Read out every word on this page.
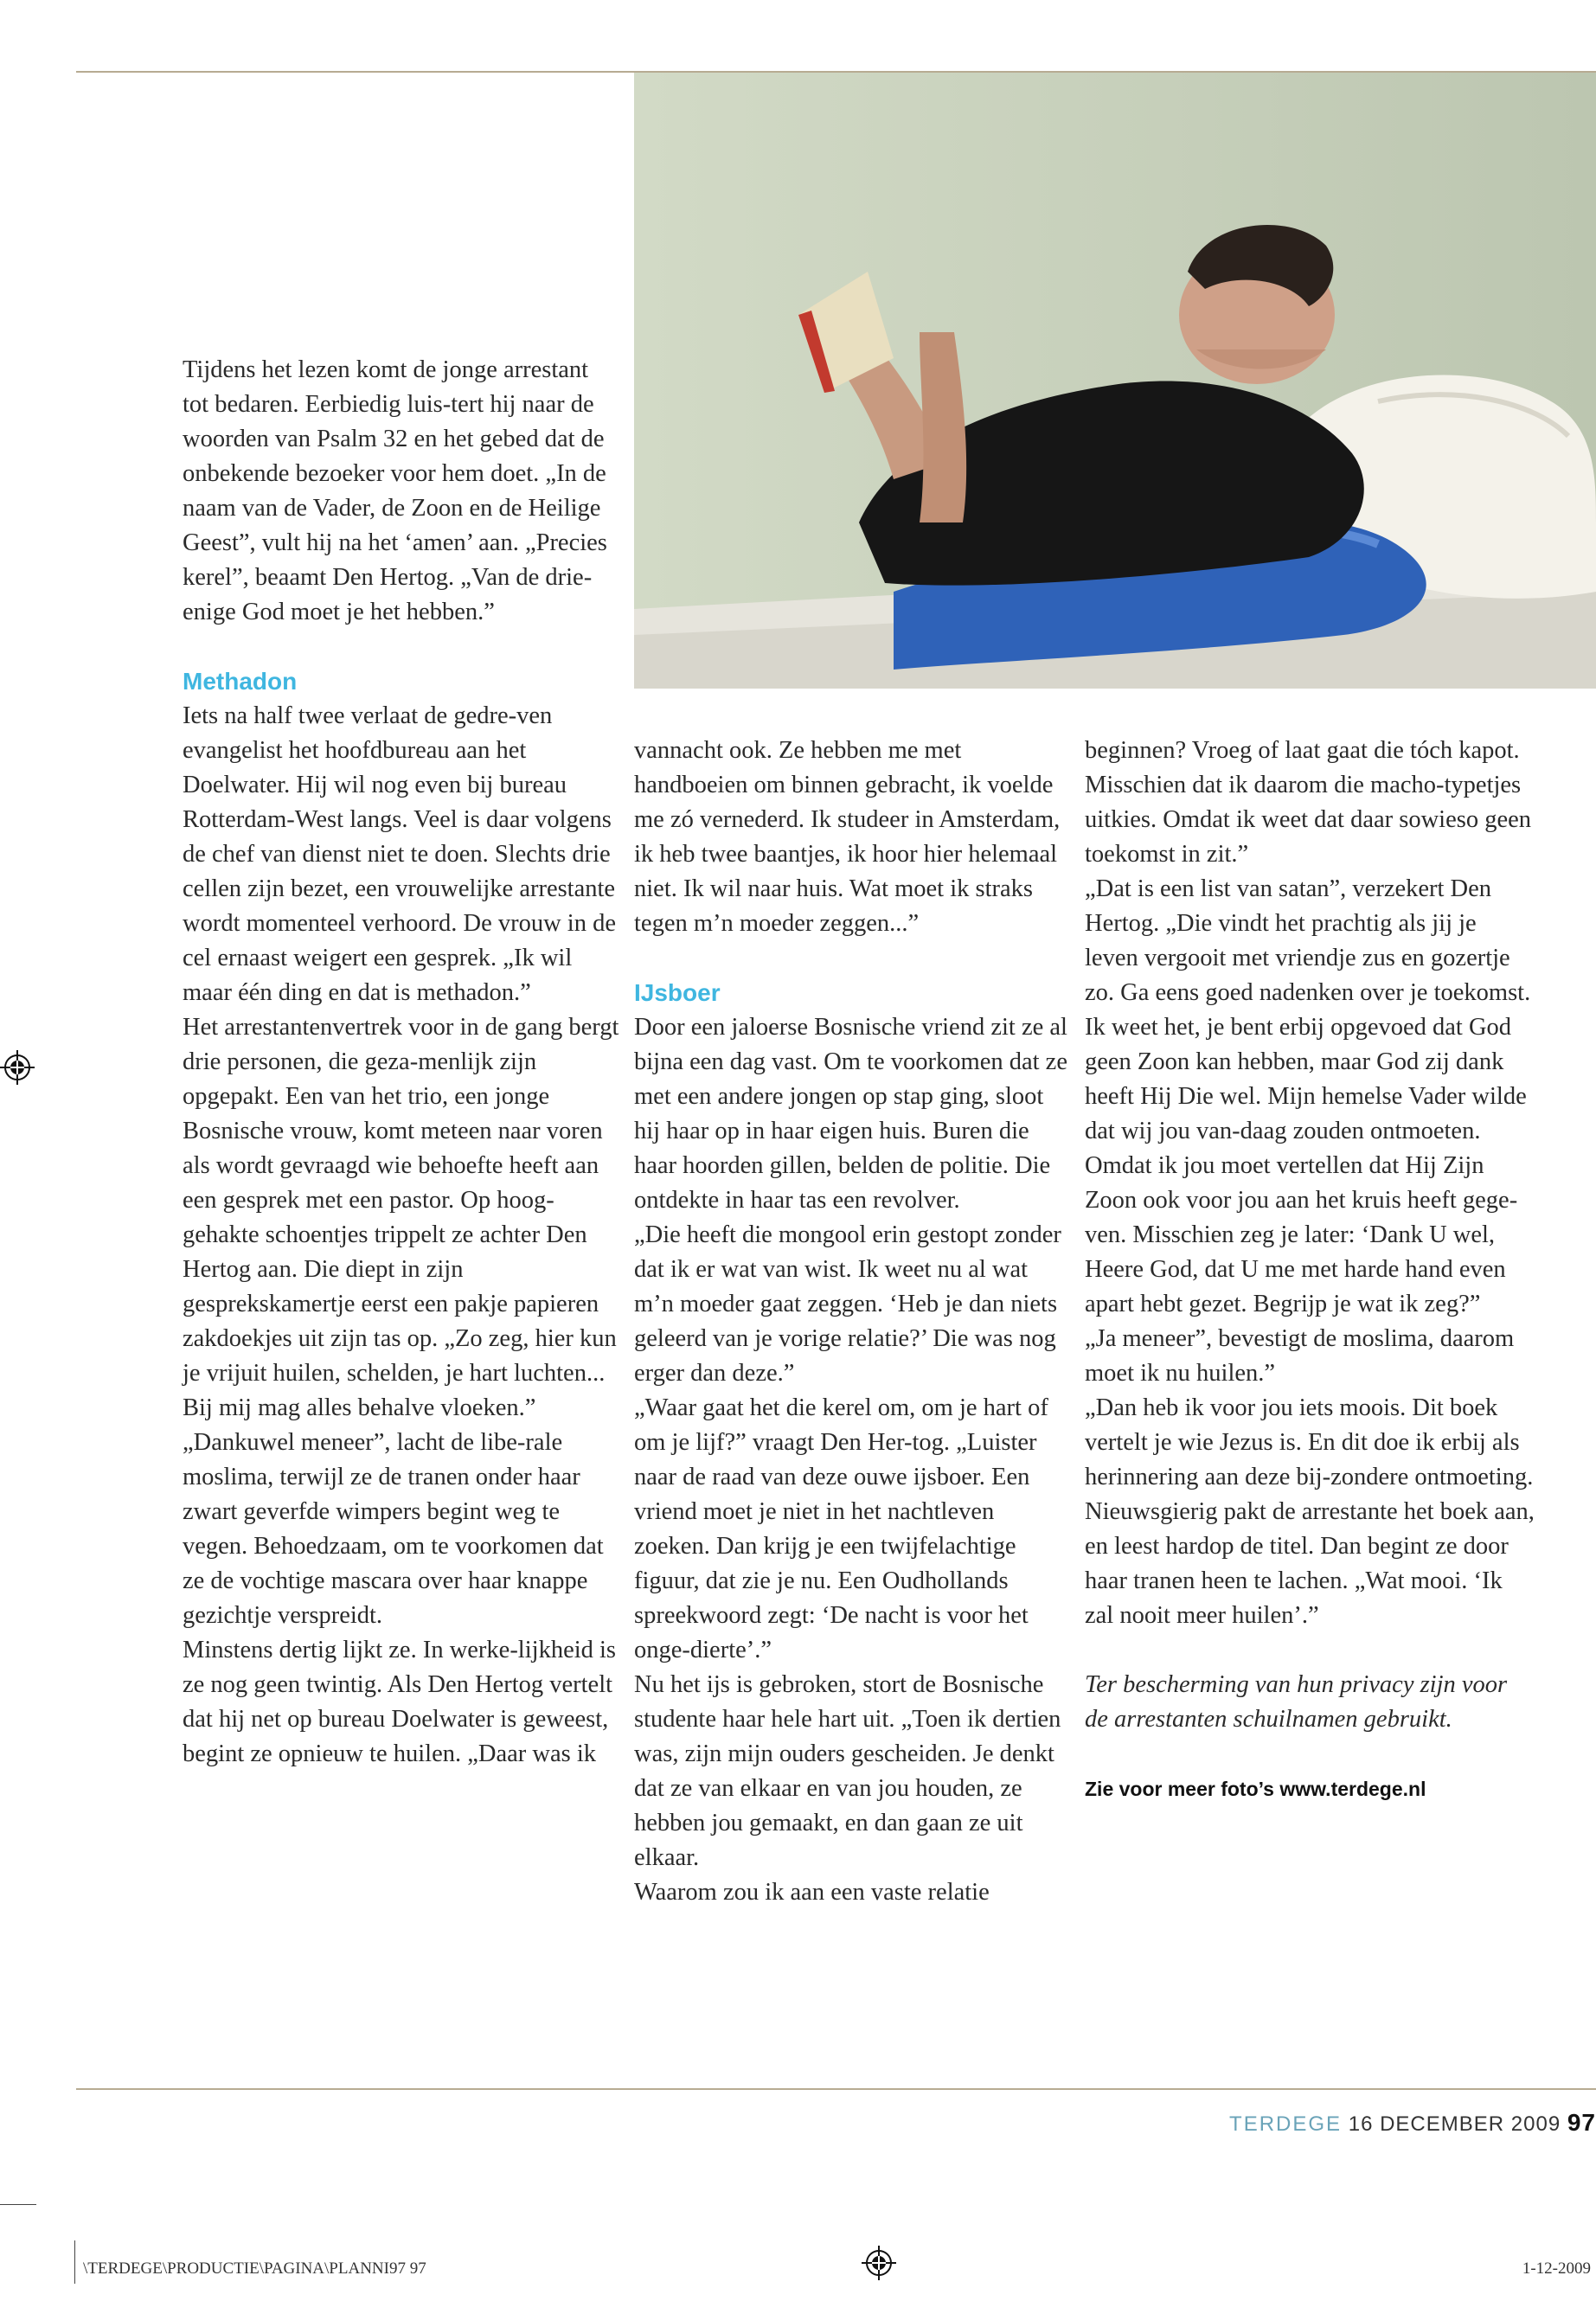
Tijdens het lezen komt de jonge arrestant tot bedaren. Eerbiedig luis-tert hij naar de woorden van Psalm 32 en het gebed dat de onbekende bezoeker voor hem doet. „In de naam van de Vader, de Zoon en de Heilige Geest”, vult hij na het ‘amen’ aan. „Precies kerel”, beaamt Den Hertog. „Van de drie-enige God moet je het hebben.”

Methadon

Iets na half twee verlaat de gedre-ven evangelist het hoofdbureau aan het Doelwater. Hij wil nog even bij bureau Rotterdam-West langs. Veel is daar volgens de chef van dienst niet te doen. Slechts drie cellen zijn bezet, een vrouwelijke arrestante wordt momenteel verhoord. De vrouw in de cel ernaast weigert een gesprek. „Ik wil maar één ding en dat is methadon.”

Het arrestantenvertrek voor in de gang bergt drie personen, die geza-menlijk zijn opgepakt. Een van het trio, een jonge Bosnische vrouw, komt meteen naar voren als wordt gevraagd wie behoefte heeft aan een gesprek met een pastor. Op hoog-gehakte schoentjes trippelt ze achter Den Hertog aan. Die diept in zijn gesprekskamertje eerst een pakje papieren zakdoekjes uit zijn tas op. „Zo zeg, hier kun je vrijuit huilen, schelden, je hart luchten... Bij mij mag alles behalve vloeken.”

„Dankuwel meneer”, lacht de libe-rale moslima, terwijl ze de tranen onder haar zwart geverfde wimpers begint weg te vegen. Behoedzaam, om te voorkomen dat ze de vochtige mascara over haar knappe gezichtje verspreidt.

Minstens dertig lijkt ze. In werke-lijkheid is ze nog geen twintig. Als Den Hertog vertelt dat hij net op bureau Doelwater is geweest, begint ze opnieuw te huilen. „Daar was ik

vannacht ook. Ze hebben me met handboeien om binnen gebracht, ik voelde me zó vernederd. Ik studeer in Amsterdam, ik heb twee baantjes, ik hoor hier helemaal niet. Ik wil naar huis. Wat moet ik straks tegen m’n moeder zeggen...”

IJsboer

Door een jaloerse Bosnische vriend zit ze al bijna een dag vast. Om te voorkomen dat ze met een andere jongen op stap ging, sloot hij haar op in haar eigen huis. Buren die haar hoorden gillen, belden de politie. Die ontdekte in haar tas een revolver.

„Die heeft die mongool erin gestopt zonder dat ik er wat van wist. Ik weet nu al wat m’n moeder gaat zeggen. ‘Heb je dan niets geleerd van je vorige relatie?’ Die was nog erger dan deze.”

„Waar gaat het die kerel om, om je hart of om je lijf?” vraagt Den Her-tog. „Luister naar de raad van deze ouwe ijsboer. Een vriend moet je niet in het nachtleven zoeken. Dan krijg je een twijfelachtige figuur, dat zie je nu. Een Oudhollands spreekwoord zegt: ‘De nacht is voor het onge-dierte’.”

Nu het ijs is gebroken, stort de Bosnische studente haar hele hart uit. „Toen ik dertien was, zijn mijn ouders gescheiden. Je denkt dat ze van elkaar en van jou houden, ze hebben jou gemaakt, en dan gaan ze uit elkaar.

Waarom zou ik aan een vaste relatie

beginnen? Vroeg of laat gaat die tóch kapot. Misschien dat ik daarom die macho-typetjes uitkies. Omdat ik weet dat daar sowieso geen toekomst in zit.”

„Dat is een list van satan”, verzekert Den Hertog. „Die vindt het prachtig als jij je leven vergooit met vriendje zus en gozertje zo. Ga eens goed nadenken over je toekomst.

Ik weet het, je bent erbij opgevoed dat God geen Zoon kan hebben, maar God zij dank heeft Hij Die wel. Mijn hemelse Vader wilde dat wij jou van-daag zouden ontmoeten. Omdat ik jou moet vertellen dat Hij Zijn Zoon ook voor jou aan het kruis heeft gege-ven. Misschien zeg je later: ‘Dank U wel, Heere God, dat U me met harde hand even apart hebt gezet. Begrijp je wat ik zeg?”

„Ja meneer”, bevestigt de moslima, daarom moet ik nu huilen.”

„Dan heb ik voor jou iets moois. Dit boek vertelt je wie Jezus is. En dit doe ik erbij als herinnering aan deze bij-zondere ontmoeting.

Nieuwsgierig pakt de arrestante het boek aan, en leest hardop de titel. Dan begint ze door haar tranen heen te lachen. „Wat mooi. ‘Ik zal nooit meer huilen’.”

Ter bescherming van hun privacy zijn voor de arrestanten schuilnamen gebruikt.

Zie voor meer foto’s www.terdege.nl

TERDEGE 16 DECEMBER 2009 97
\TERDEGE\PRODUCTIE\PAGINA\PLANNI97 97	1-12-2009
